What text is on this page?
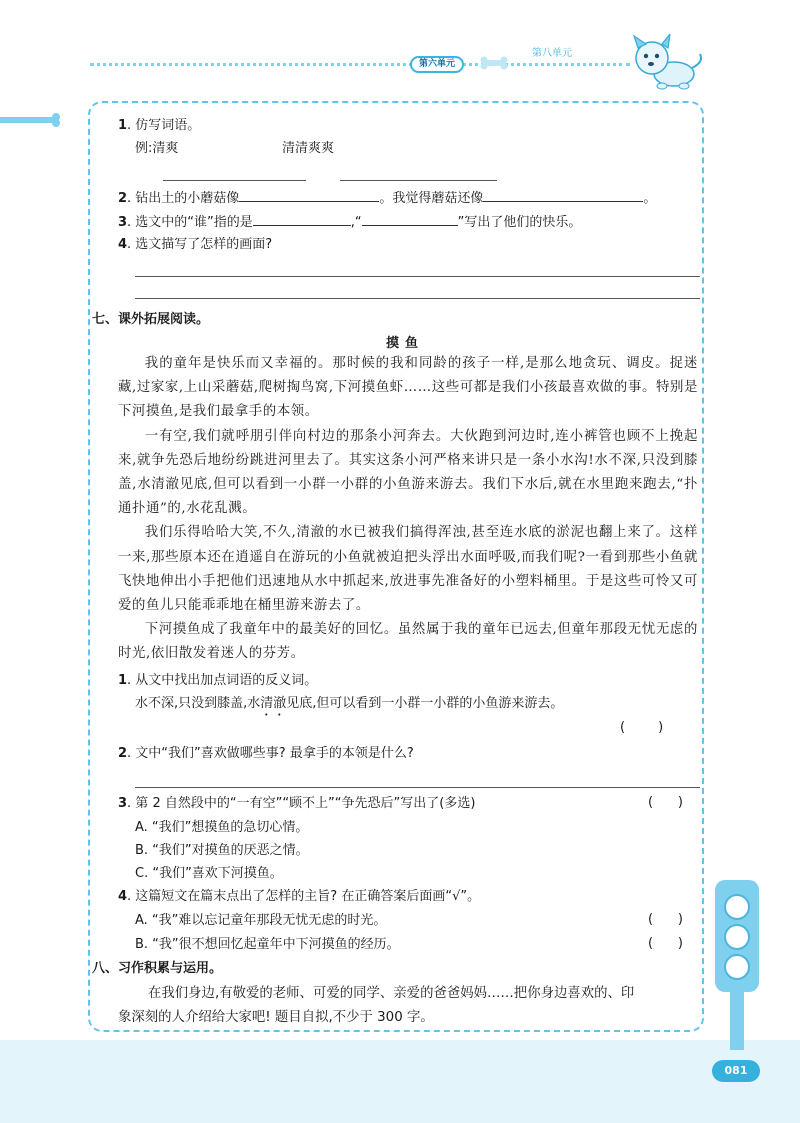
第六单元
第八单元
081
1. 仿写词语。
例:清爽	清清爽爽
2. 钻出土的小蘑菇像	。我觉得蘑菇还像	。
3. 选文中的“谁”指的是	,“	”写出了他们的快乐。
4. 选文描写了怎样的画面?
七、课外拓展阅读。
摸鱼

我的童年是快乐而又幸福的。那时候的我和同龄的孩子一样,是那么地贪玩、调皮。捉迷藏,过家家,上山采蘑菇,爬树掏鸟窝,下河摸鱼虾……这些可都是我们小孩最喜欢做的事。特别是下河摸鱼,是我们最拿手的本领。

一有空,我们就呼朋引伴向村边的那条小河奔去。大伙跑到河边时,连小裤管也顾不上挽起来,就争先恐后地纷纷跳进河里去了。其实这条小河严格来讲只是一条小水沟!水不深,只没到膝盖,水清澈见底,但可以看到一小群一小群的小鱼游来游去。我们下水后,就在水里跑来跑去,“扑通扑通”的,水花乱溅。

我们乐得哈哈大笑,不久,清澈的水已被我们搞得浑浊,甚至连水底的淤泥也翻上来了。这样一来,那些原本还在逍遥自在游玩的小鱼就被迫把头浮出水面呼吸,而我们呢?一看到那些小鱼就飞快地伸出小手把他们迅速地从水中抓起来,放进事先准备好的小塑料桶里。于是这些可怜又可爱的鱼儿只能乖乖地在桶里游来游去了。

下河摸鱼成了我童年中的最美好的回忆。虽然属于我的童年已远去,但童年那段无忧无虑的时光,依旧散发着迷人的芬芳。

1. 从文中找出加点词语的反义词。
水不深,只没到膝盖,水清澈见底,但可以看到一小群一小群的小鱼游来游去。
(        )
2. 文中“我们”喜欢做哪些事? 最拿手的本领是什么?
3. 第 2 自然段中的“一有空”“顾不上”“争先恐后”写出了(多选)	(      )
A. “我们”想摸鱼的急切心情。
B. “我们”对摸鱼的厌恶之情。
C. “我们”喜欢下河摸鱼。
4. 这篇短文在篇末点出了怎样的主旨? 在正确答案后面画“√”。
A. “我”难以忘记童年那段无忧无虑的时光。	(      )
B. “我”很不想回忆起童年中下河摸鱼的经历。	(      )
八、习作积累与运用。
在我们身边,有敬爱的老师、可爱的同学、亲爱的爸爸妈妈……把你身边喜欢的、印
象深刻的人介绍给大家吧! 题目自拟,不少于 300 字。
